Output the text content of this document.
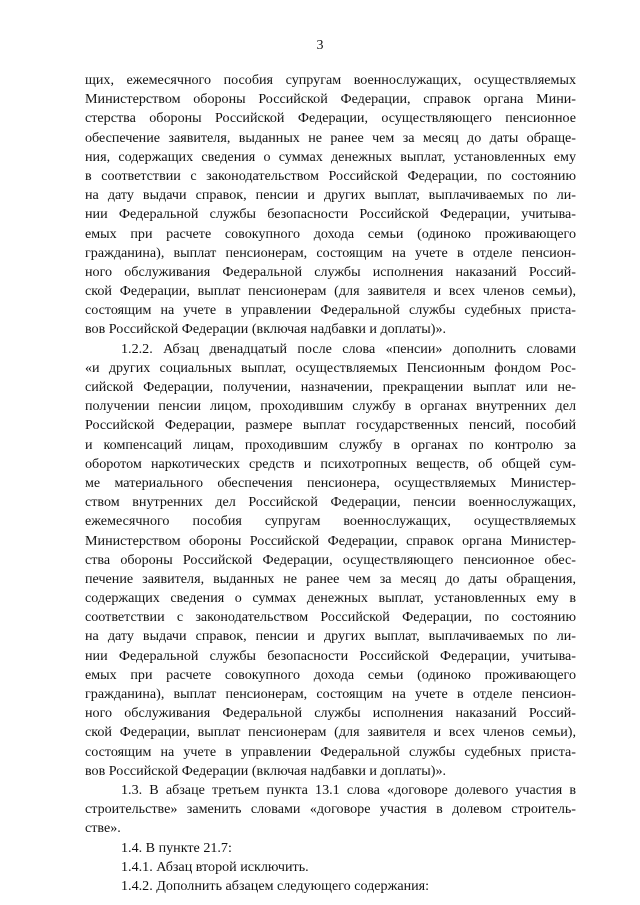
3
щих, ежемесячного пособия супругам военнослужащих, осуществляемых
Министерством обороны Российской Федерации, справок органа Мини-
стерства обороны Российской Федерации, осуществляющего пенсионное
обеспечение заявителя, выданных не ранее чем за месяц до даты обраще-
ния, содержащих сведения о суммах денежных выплат, установленных ему
в соответствии с законодательством Российской Федерации, по состоянию
на дату выдачи справок, пенсии и других выплат, выплачиваемых по ли-
нии Федеральной службы безопасности Российской Федерации, учитыва-
емых при расчете совокупного дохода семьи (одиноко проживающего
гражданина), выплат пенсионерам, состоящим на учете в отделе пенсион-
ного обслуживания Федеральной службы исполнения наказаний Россий-
ской Федерации, выплат пенсионерам (для заявителя и всех членов семьи),
состоящим на учете в управлении Федеральной службы судебных приста-
вов Российской Федерации (включая надбавки и доплаты)».
1.2.2. Абзац двенадцатый после слова «пенсии» дополнить словами
«и других социальных выплат, осуществляемых Пенсионным фондом Рос-
сийской Федерации, получении, назначении, прекращении выплат или не-
получении пенсии лицом, проходившим службу в органах внутренних дел
Российской Федерации, размере выплат государственных пенсий, пособий
и компенсаций лицам, проходившим службу в органах по контролю за
оборотом наркотических средств и психотропных веществ, об общей сум-
ме материального обеспечения пенсионера, осуществляемых Министер-
ством внутренних дел Российской Федерации, пенсии военнослужащих,
ежемесячного пособия супругам военнослужащих, осуществляемых
Министерством обороны Российской Федерации, справок органа Министер-
ства обороны Российской Федерации, осуществляющего пенсионное обес-
печение заявителя, выданных не ранее чем за месяц до даты обращения,
содержащих сведения о суммах денежных выплат, установленных ему в
соответствии с законодательством Российской Федерации, по состоянию
на дату выдачи справок, пенсии и других выплат, выплачиваемых по ли-
нии Федеральной службы безопасности Российской Федерации, учитыва-
емых при расчете совокупного дохода семьи (одиноко проживающего
гражданина), выплат пенсионерам, состоящим на учете в отделе пенсион-
ного обслуживания Федеральной службы исполнения наказаний Россий-
ской Федерации, выплат пенсионерам (для заявителя и всех членов семьи),
состоящим на учете в управлении Федеральной службы судебных приста-
вов Российской Федерации (включая надбавки и доплаты)».
1.3. В абзаце третьем пункта 13.1 слова «договоре долевого участия в
строительстве» заменить словами «договоре участия в долевом строитель-
стве».
1.4. В пункте 21.7:
1.4.1. Абзац второй исключить.
1.4.2. Дополнить абзацем следующего содержания:
